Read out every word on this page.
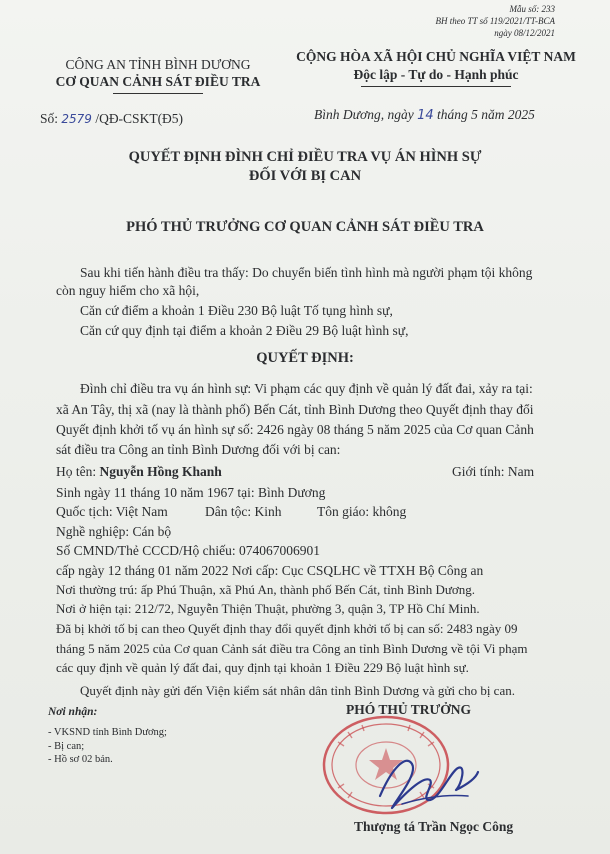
Mẫu số: 233
BH theo TT số 119/2021/TT-BCA
ngày 08/12/2021
CÔNG AN TỈNH BÌNH DƯƠNG
CƠ QUAN CẢNH SÁT ĐIỀU TRA
CỘNG HÒA XÃ HỘI CHỦ NGHĨA VIỆT NAM
Độc lập - Tự do - Hạnh phúc
Số: 2579 /QĐ-CSKT(Đ5)	Bình Dương, ngày 14 tháng 5 năm 2025
QUYẾT ĐỊNH ĐÌNH CHỈ ĐIỀU TRA VỤ ÁN HÌNH SỰ
ĐỐI VỚI BỊ CAN
PHÓ THỦ TRƯỞNG CƠ QUAN CẢNH SÁT ĐIỀU TRA
Sau khi tiến hành điều tra thấy: Do chuyển biến tình hình mà người phạm tội không
còn nguy hiểm cho xã hội,
Căn cứ điểm a khoản 1 Điều 230 Bộ luật Tố tụng hình sự,
Căn cứ quy định tại điểm a khoản 2 Điều 29 Bộ luật hình sự,
QUYẾT ĐỊNH:
Đình chỉ điều tra vụ án hình sự: Vi phạm các quy định về quản lý đất đai, xảy ra tại:
xã An Tây, thị xã (nay là thành phố) Bến Cát, tỉnh Bình Dương theo Quyết định thay đổi
Quyết định khởi tố vụ án hình sự số: 2426 ngày 08 tháng 5 năm 2025 của Cơ quan Cảnh
sát điều tra Công an tỉnh Bình Dương đối với bị can:
Họ tên: Nguyễn Hồng Khanh	Giới tính: Nam
Sinh ngày 11 tháng 10 năm 1967 tại: Bình Dương
Quốc tịch: Việt Nam	Dân tộc: Kinh	Tôn giáo: không
Nghề nghiệp: Cán bộ
Số CMND/Thẻ CCCD/Hộ chiếu: 074067006901
cấp ngày 12 tháng 01 năm 2022 Nơi cấp: Cục CSQLHC về TTXH Bộ Công an
Nơi thường trú: ấp Phú Thuận, xã Phú An, thành phố Bến Cát, tỉnh Bình Dương.
Nơi ở hiện tại: 212/72, Nguyễn Thiện Thuật, phường 3, quận 3, TP Hồ Chí Minh.
Đã bị khởi tố bị can theo Quyết định thay đổi quyết định khởi tố bị can số: 2483 ngày 09
tháng 5 năm 2025 của Cơ quan Cảnh sát điều tra Công an tỉnh Bình Dương về tội Vi phạm
các quy định về quản lý đất đai, quy định tại khoản 1 Điều 229 Bộ luật hình sự.
Quyết định này gửi đến Viện kiểm sát nhân dân tỉnh Bình Dương và gửi cho bị can.
Nơi nhận:
- VKSND tỉnh Bình Dương;
- Bị can;
- Hồ sơ 02 bản.
PHÓ THỦ TRƯỞNG
Thượng tá Trần Ngọc Công
